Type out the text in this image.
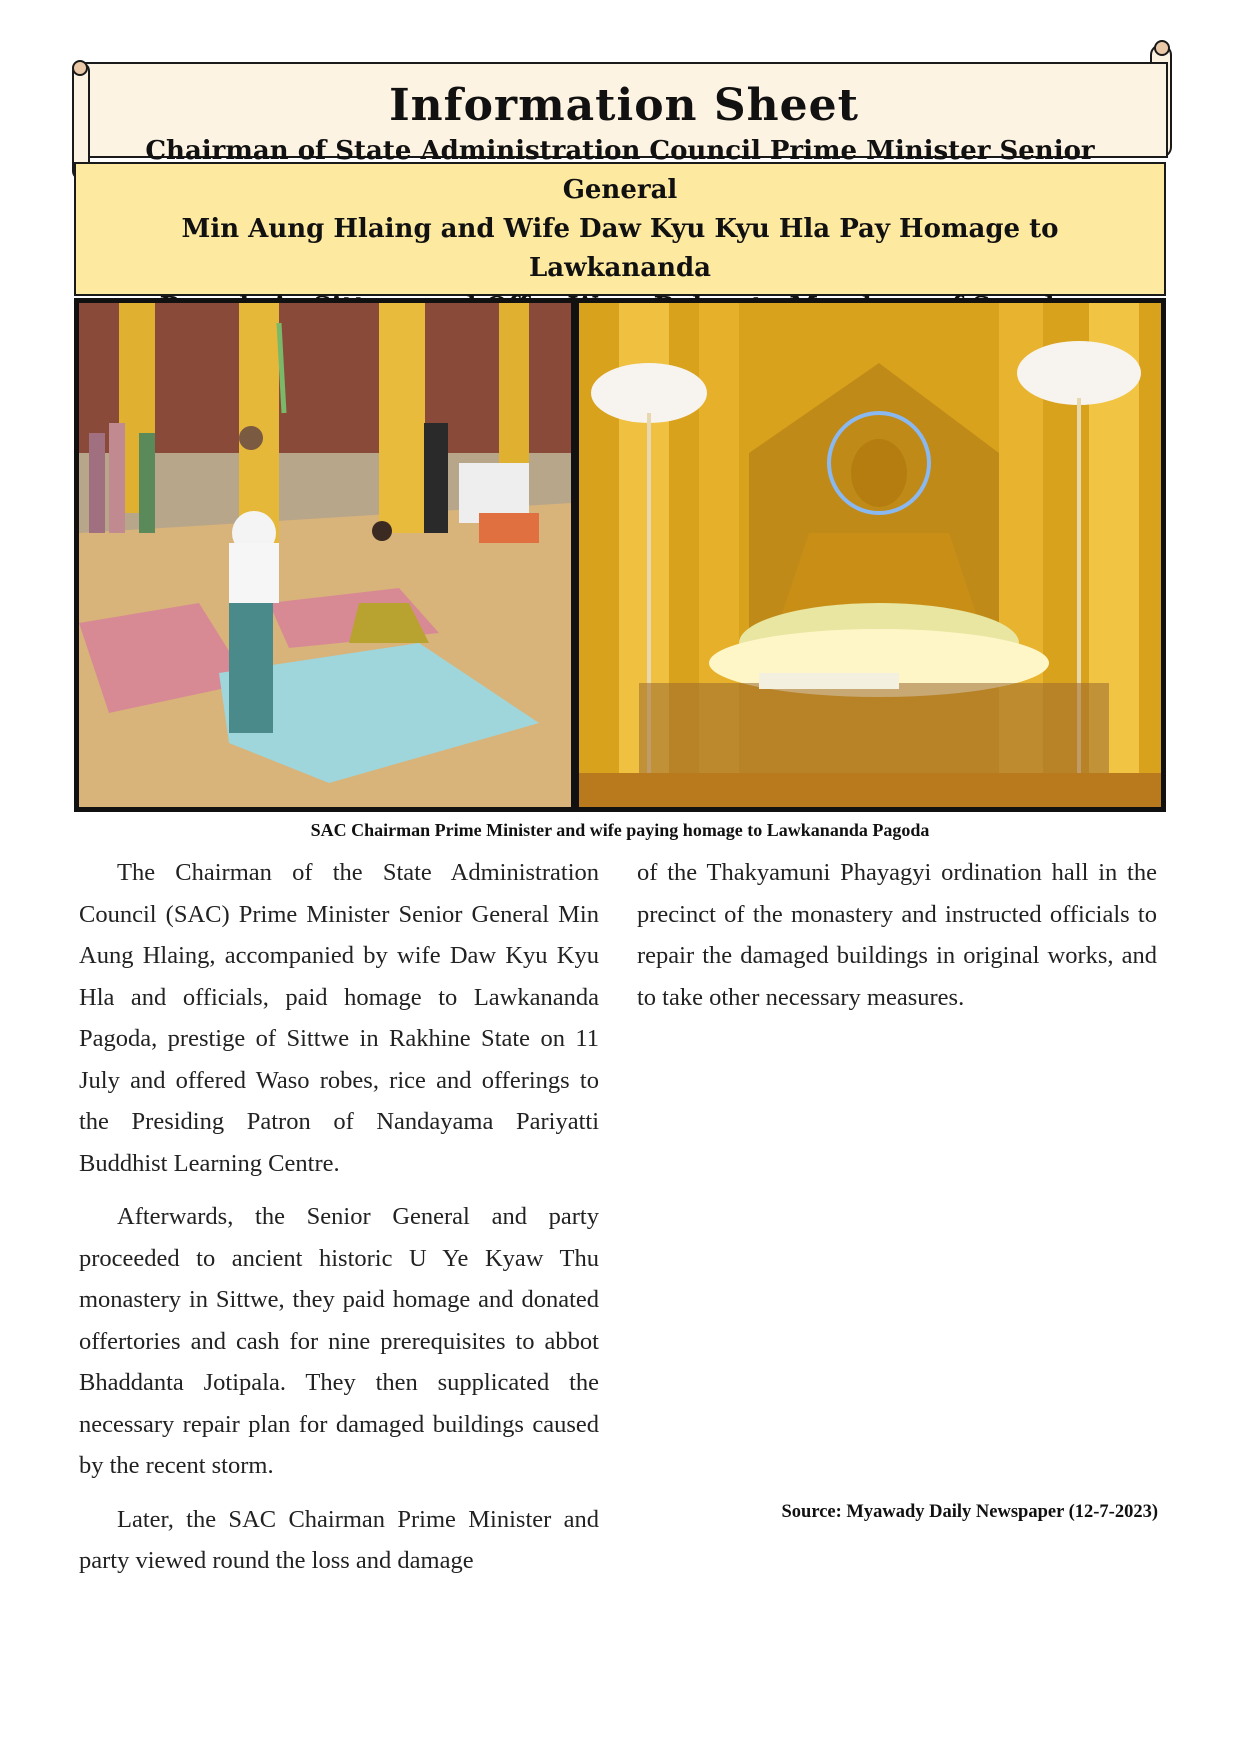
Information Sheet

Chairman of State Administration Council Prime Minister Senior General
Min Aung Hlaing and Wife Daw Kyu Kyu Hla Pay Homage to Lawkananda

SAC Chairman Prime Minister and wife paying homage to Lawkananda Pagoda

The Chairman of the State Administration Council (SAC) Prime Minister Senior General Min Aung Hlaing, accompanied by wife Daw Kyu Kyu Hla and officials, paid homage to Lawkananda Pagoda, prestige of Sittwe in Rakhine State on 11 July and offered Waso robes, rice and offerings to the Presiding Patron of Nandayama Pariyatti Buddhist Learning Centre.

Afterwards, the Senior General and party proceeded to ancient historic U Ye Kyaw Thu monastery in Sittwe, they paid homage and donated offertories and cash for nine prerequisites to abbot Bhaddanta Jotipala. They then supplicated the necessary repair plan for damaged buildings caused by the recent storm.

Later, the SAC Chairman Prime Minister and party viewed round the loss and damage

of the Thakyamuni Phayagyi ordination hall in the precinct of the monastery and instructed officials to repair the damaged buildings in original works, and to take other necessary measures.

Source: Myawady Daily Newspaper (12-7-2023)
